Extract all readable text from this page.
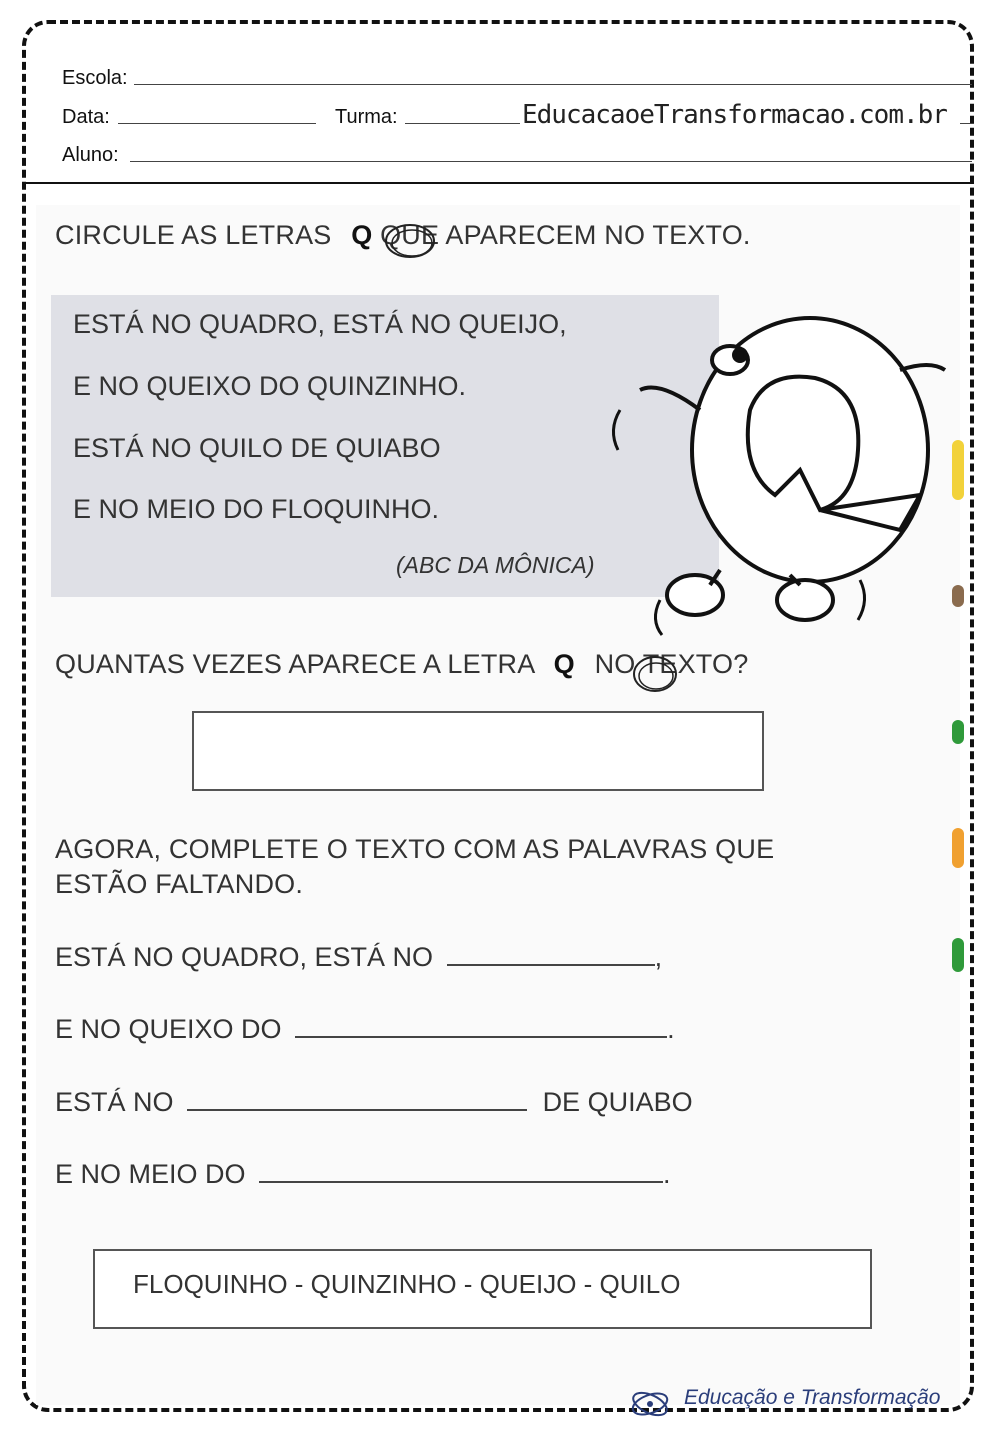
Escola:
Data:	Turma:	EducacaoeTransformacao.com.br
Aluno:
CIRCULE AS LETRAS Q QUE APARECEM NO TEXTO.
ESTÁ NO QUADRO, ESTÁ NO QUEIJO,
E NO QUEIXO DO QUINZINHO.
ESTÁ NO QUILO DE QUIABO
E NO MEIO DO FLOQUINHO.
(ABC DA MÔNICA)
QUANTAS VEZES APARECE A LETRA Q NO TEXTO?
AGORA, COMPLETE O TEXTO COM AS PALAVRAS QUE
ESTÃO FALTANDO.
ESTÁ NO QUADRO, ESTÁ NO	,
E NO QUEIXO DO	.
ESTÁ NO	DE QUIABO
E NO MEIO DO	.
FLOQUINHO - QUINZINHO - QUEIJO - QUILO
Educação e Transformação
